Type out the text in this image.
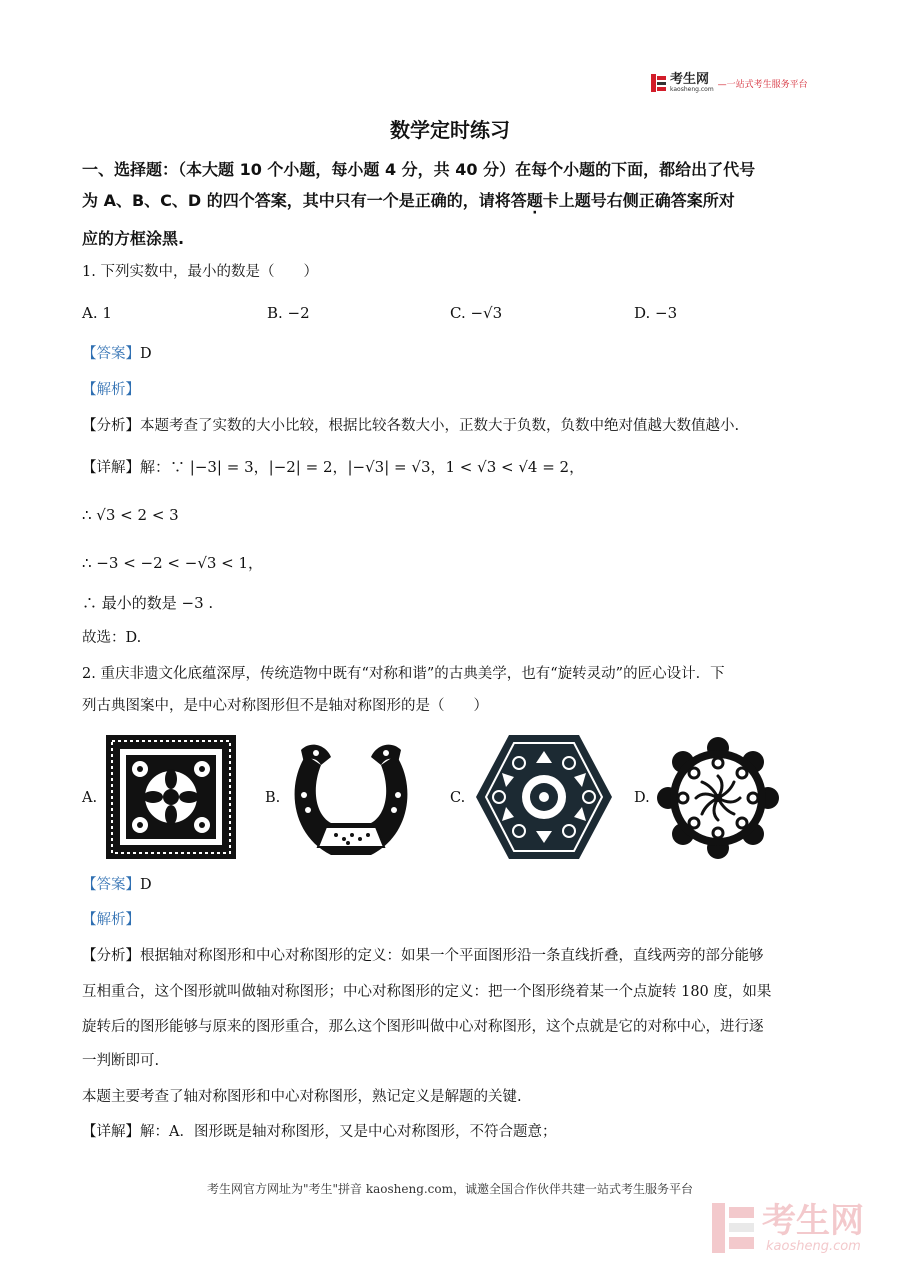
考生网
kaosheng.com —一站式考生服务平台
数学定时练习
一、选择题：（本大题 10 个小题，每小题 4 分，共 40 分）在每个小题的下面，都给出了代号
为 A、B、C、D 的四个答案，其中只有一个是正确的，请将答题卡上题号右侧正确答案所对
应的方框涂黑.
1. 下列实数中，最小的数是（　　）
A. 1	B. −2	C. −√3	D. −3
【答案】D
【解析】
【分析】本题考查了实数的大小比较，根据比较各数大小，正数大于负数，负数中绝对值越大数值越小.
【详解】解：∵ |−3| = 3，|−2| = 2，|−√3| = √3，1 < √3 < √4 = 2，
∴ √3 < 2 < 3
∴ −3 < −2 < −√3 < 1，
∴ 最小的数是 −3 .
故选：D.
2. 重庆非遗文化底蕴深厚，传统造物中既有“对称和谐”的古典美学，也有“旋转灵动”的匠心设计．下
列古典图案中，是中心对称图形但不是轴对称图形的是（　　）
A.	B.	C.	D.
【答案】D
【解析】
【分析】根据轴对称图形和中心对称图形的定义：如果一个平面图形沿一条直线折叠，直线两旁的部分能够
互相重合，这个图形就叫做轴对称图形；中心对称图形的定义：把一个图形绕着某一个点旋转 180 度，如果
旋转后的图形能够与原来的图形重合，那么这个图形叫做中心对称图形，这个点就是它的对称中心，进行逐
一判断即可.
本题主要考查了轴对称图形和中心对称图形，熟记定义是解题的关键.
【详解】解：A．图形既是轴对称图形，又是中心对称图形，不符合题意；
考生网官方网址为"考生"拼音 kaosheng.com，诚邀全国合作伙伴共建一站式考生服务平台
考生网
kaosheng.com
